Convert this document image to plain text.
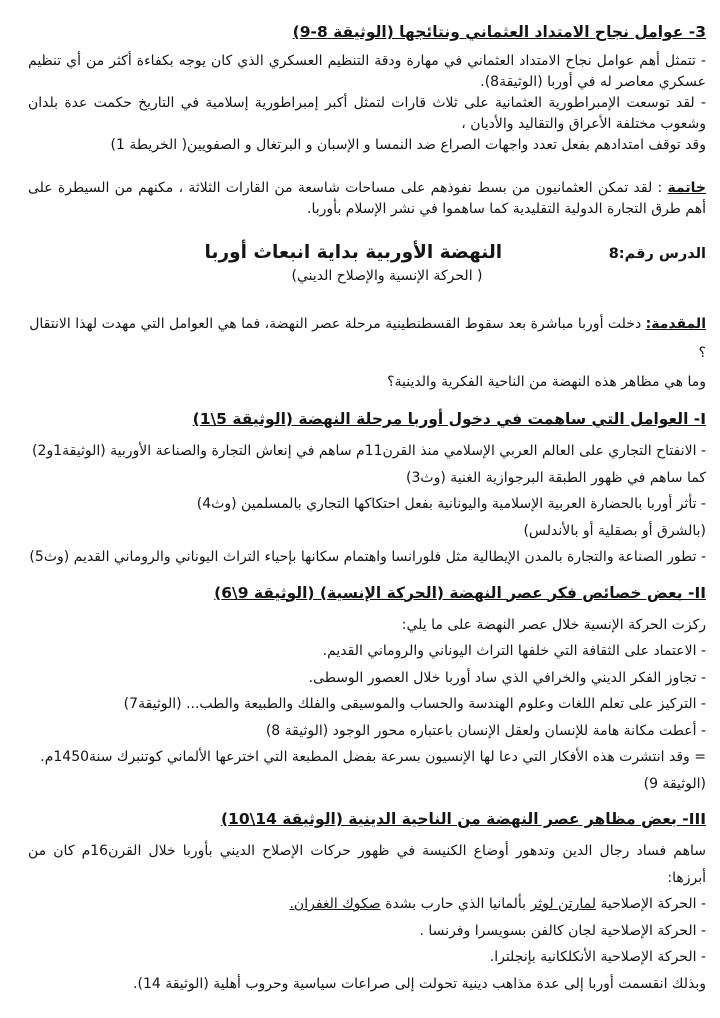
3- عوامل نجاح الامتداد العثماني ونتائجها (الوثيقة 8-9)

- تتمثل أهم عوامل نجاح الامتداد العثماني في مهارة ودقة التنظيم العسكري الذي كان يوجه بكفاءة أكثر من أي تنظيم عسكري معاصر له في أوربا (الوثيقة8).

- لقد توسعت الإمبراطورية العثمانية على ثلاث قارات لتمثل أكبر إمبراطورية إسلامية في التاريخ حكمت عدة بلدان وشعوب مختلفة الأعراق والتقاليد والأديان ،

وقد توقف امتدادهم بفعل تعدد واجهات الصراع ضد النمسا و الإسبان و البرتغال و الصفويين( الخريطة 1)

خاتمة : لقد تمكن العثمانيون من بسط نفوذهم على مساحات شاسعة من القارات الثلاثة ، مكنهم من السيطرة على أهم طرق التجارة الدولية التقليدية كما ساهموا في نشر الإسلام بأوربا.

الدرس رقم:8
النهضة الأوربية بداية انبعاث أوربا

( الحركة الإنسية والإصلاح الديني)

المقدمة: دخلت أوربا مباشرة بعد سقوط القسطنطينية مرحلة عصر النهضة، فما هي العوامل التي مهدت لهذا الانتقال ؟
وما هي مظاهر هذه النهضة من الناحية الفكرية والدينية؟

I- العوامل التي ساهمت في دخول أوربا مرحلة النهضة (الوثيقة 5\1)

- الانفتاح التجاري على العالم العربي الإسلامي منذ القرن11م ساهم في إنعاش التجارة والصناعة الأوربية (الوثيقة1و2)

كما ساهم في ظهور الطبقة البرجوازية الغنية (وث3)

- تأثر أوربا بالحضارة العربية الإسلامية واليونانية بفعل احتكاكها التجاري بالمسلمين (وث4)

(بالشرق أو بصقلية أو بالأندلس)

- تطور الصناعة والتجارة بالمدن الإيطالية مثل فلورانسا واهتمام سكانها بإحياء التراث اليوناني والروماني القديم (وث5)

II- بعض خصائص فكر عصر النهضة (الحركة الإنسية) (الوثيقة 9\6)

ركزت الحركة الإنسية خلال عصر النهضة على ما يلي:

- الاعتماد على الثقافة التي خلفها التراث اليوناني والروماني القديم.

- تجاوز الفكر الديني والخرافي الذي ساد أوربا خلال العصور الوسطى.

- التركيز على تعلم اللغات وعلوم الهندسة والحساب والموسيقى والفلك والطبيعة والطب... (الوثيقة7)

- أعطت مكانة هامة للإنسان ولعقل الإنسان باعتباره محور الوجود (الوثيقة 8)

= وقد انتشرت هذه الأفكار التي دعا لها الإنسيون بسرعة بفضل المطبعة التي اخترعها الألماني كوتنبرك سنة1450م.

(الوثيقة 9)

III- بعض مظاهر عصر النهضة من الناحية الدينية (الوثيقة 14\10)

ساهم فساد رجال الدين وتدهور أوضاع الكنيسة في ظهور حركات الإصلاح الديني بأوربا خلال القرن16م كان من أبرزها:

- الحركة الإصلاحية لمارتن لوثر بألمانيا الذي حارب بشدة صكوك الغفران.

- الحركة الإصلاحية لجان كالفن بسويسرا وفرنسا .

- الحركة الإصلاحية الأنكلكانية بإنجلترا.

وبذلك انقسمت أوربا إلى عدة مذاهب دينية تحولت إلى صراعات سياسية وحروب أهلية (الوثيقة 14).
